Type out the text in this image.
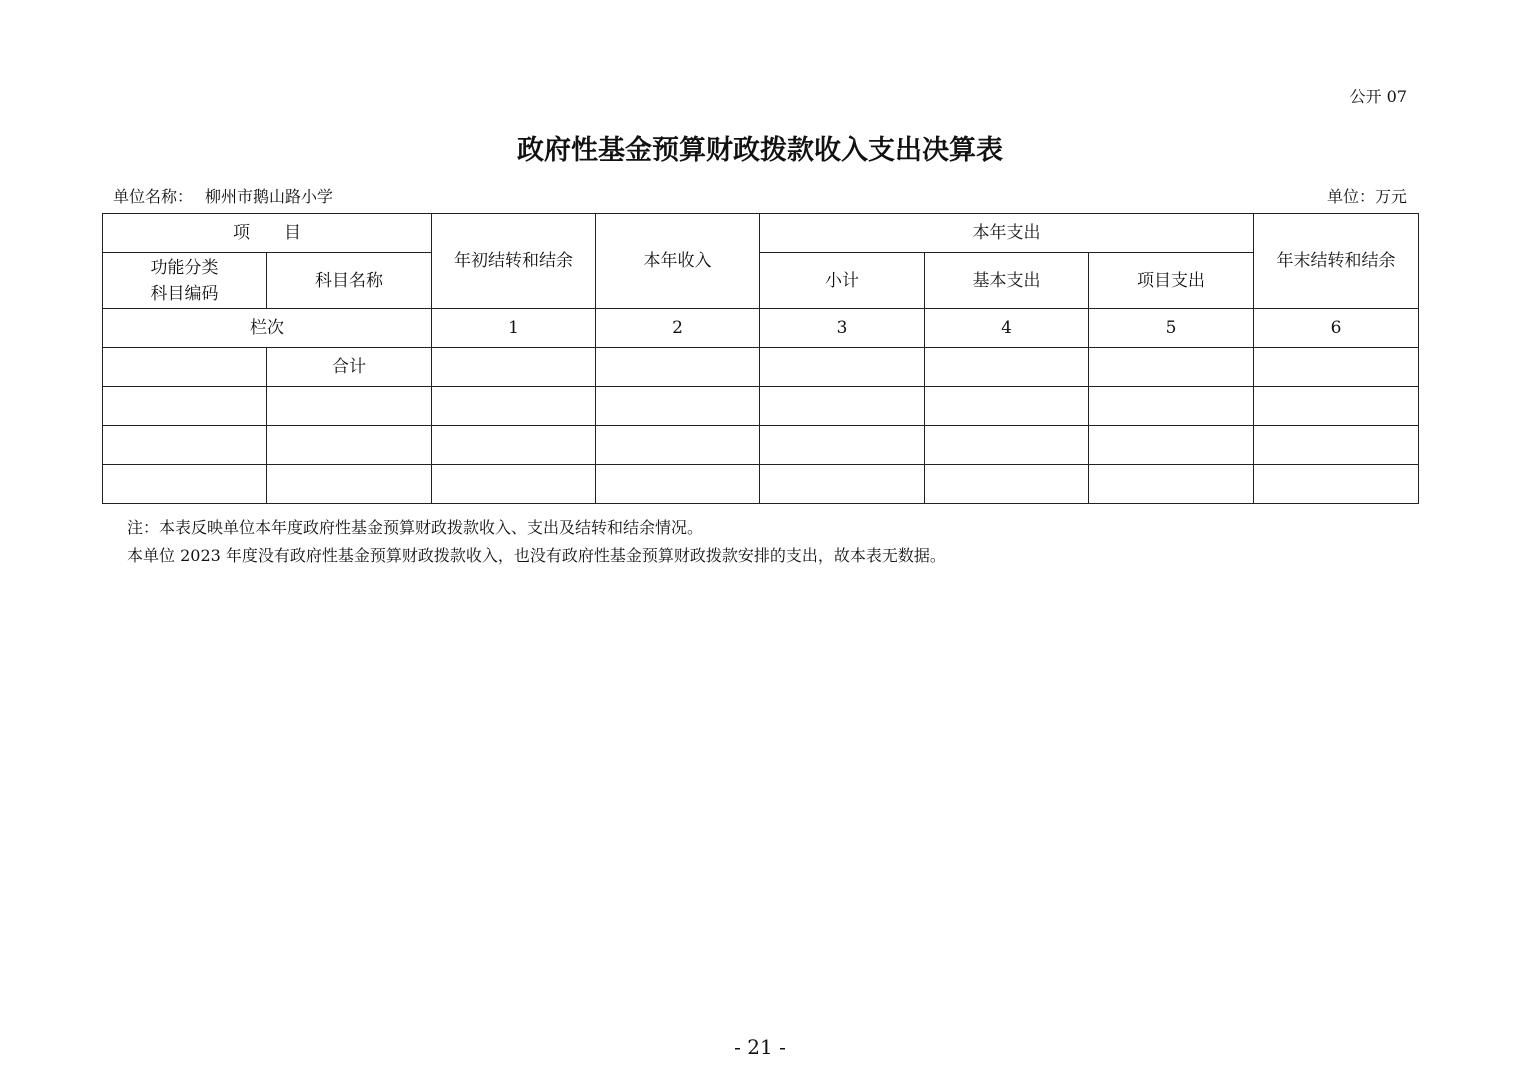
公开 07
政府性基金预算财政拨款收入支出决算表
单位名称： 柳州市鹅山路小学	单位：万元
项　　目		年初结转和结余	本年收入	本年支出			年末结转和结余

功能分类
科目编码	科目名称			小计	基本支出	项目支出	
栏次		1	2	3	4	5	6
	合计						

注：本表反映单位本年度政府性基金预算财政拨款收入、支出及结转和结余情况。
本单位 2023 年度没有政府性基金预算财政拨款收入，也没有政府性基金预算财政拨款安排的支出，故本表无数据。
- 21 -
